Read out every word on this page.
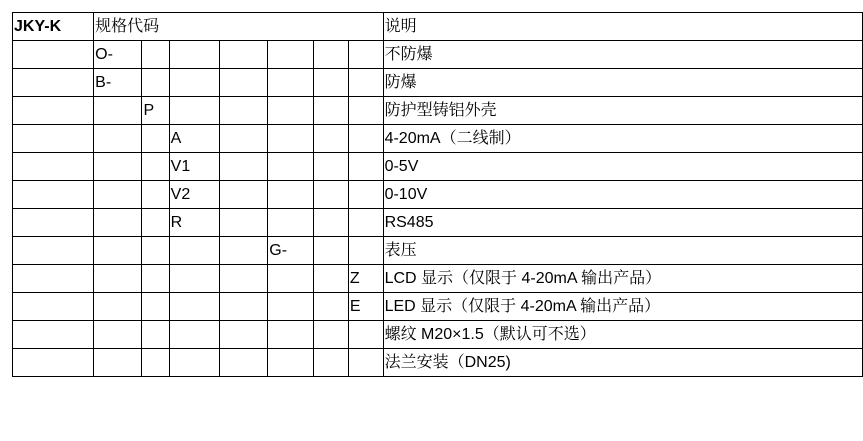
JKY-K	规格代码							说明
	O-							不防爆
	B-							防爆
		P						防护型铸铝外壳
			A					4-20mA（二线制）
			V1					0-5V
			V2					0-10V
			R					RS485
					G-			表压
							Z	LCD 显示（仅限于 4-20mA 输出产品）
							E	LED 显示（仅限于 4-20mA 输出产品）
								螺纹 M20×1.5（默认可不选）
								法兰安装（DN25)
